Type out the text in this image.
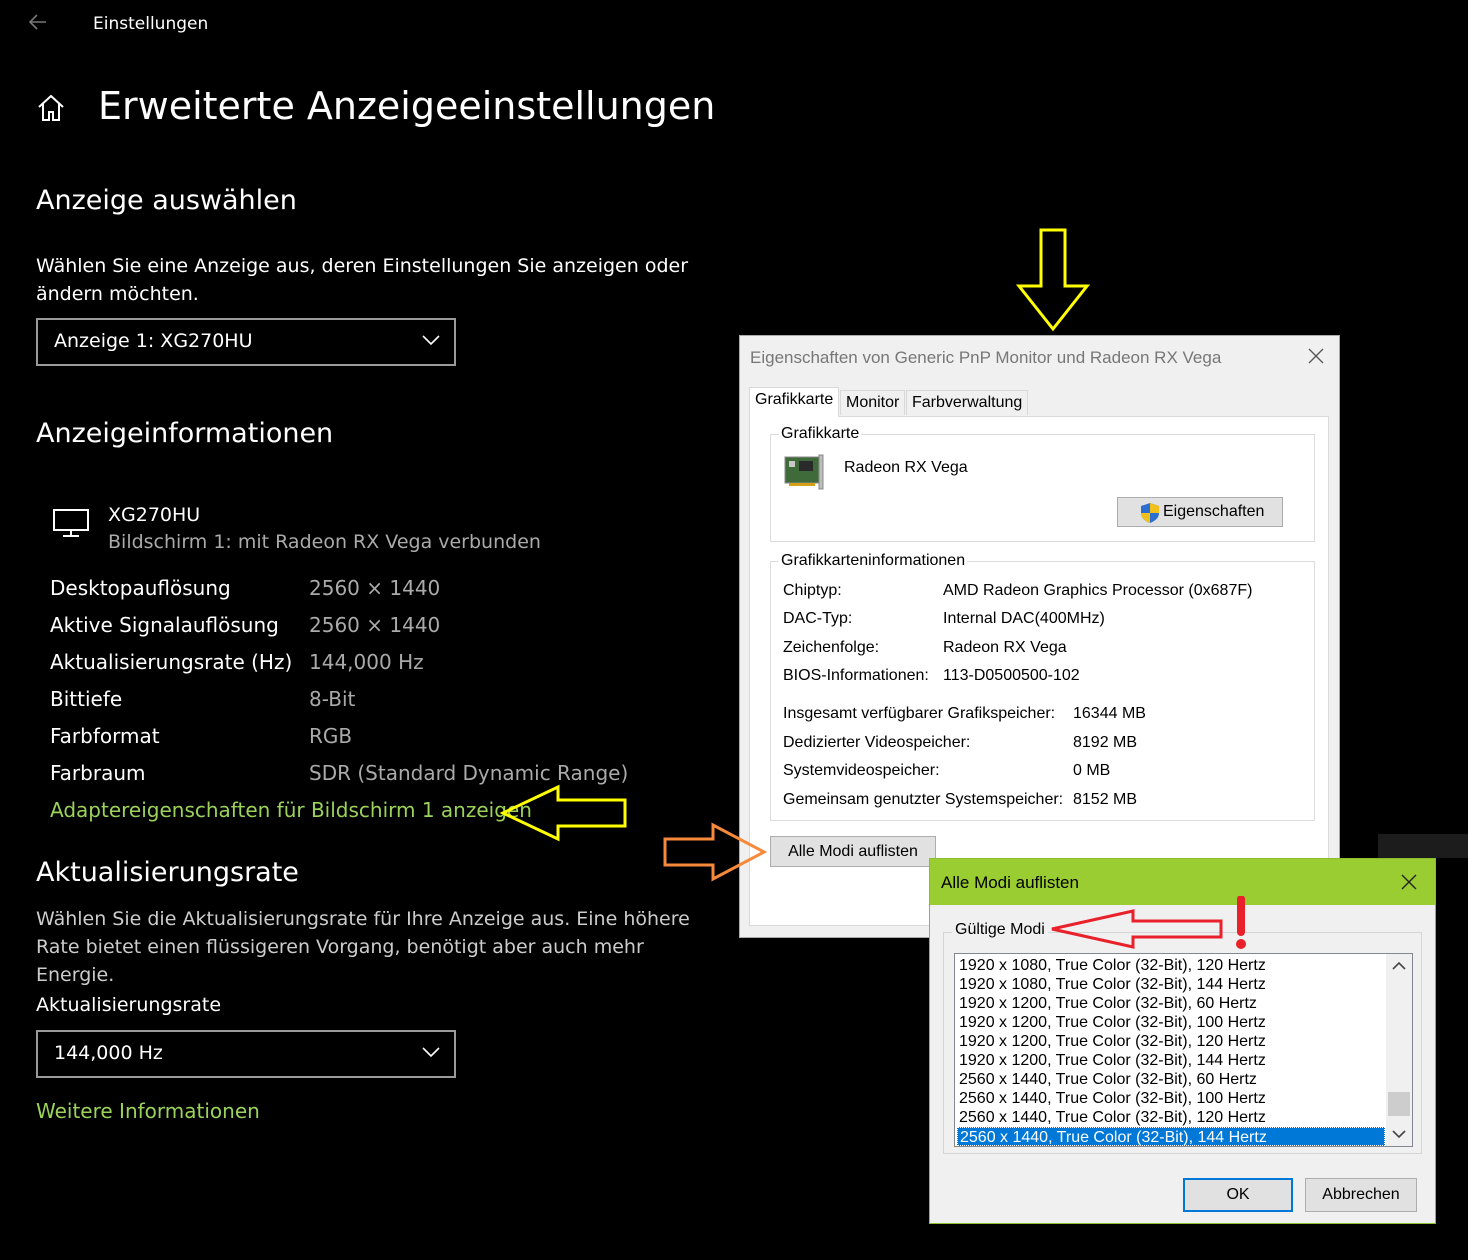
Einstellungen
Erweiterte Anzeigeeinstellungen
Anzeige auswählen
Wählen Sie eine Anzeige aus, deren Einstellungen Sie anzeigen oder ändern möchten.
Anzeige 1: XG270HU
Anzeigeinformationen
XG270HU
Bildschirm 1: mit Radeon RX Vega verbunden
Desktopauflösung	2560 × 1440
Aktive Signalauflösung 2560 × 1440
Aktualisierungsrate (Hz) 144,000 Hz
Bittiefe	8-Bit
Farbformat	RGB
Farbraum	SDR (Standard Dynamic Range)
Adaptereigenschaften für Bildschirm 1 anzeigen
Aktualisierungsrate
Wählen Sie die Aktualisierungsrate für Ihre Anzeige aus. Eine höhere Rate bietet einen flüssigeren Vorgang, benötigt aber auch mehr Energie.
Aktualisierungsrate
144,000 Hz
Weitere Informationen
Eigenschaften von Generic PnP Monitor und Radeon RX Vega
Grafikkarte Monitor Farbverwaltung
Grafikkarte
Radeon RX Vega
Eigenschaften
Grafikkarteninformationen
Chiptyp:	AMD Radeon Graphics Processor (0x687F)
DAC-Typ:	Internal DAC(400MHz)
Zeichenfolge:	Radeon RX Vega
BIOS-Informationen: 113-D0500500-102
Insgesamt verfügbarer Grafikspeicher: 16344 MB
Dedizierter Videospeicher:	8192 MB
Systemvideospeicher:	0 MB
Gemeinsam genutzter Systemspeicher: 8152 MB
Alle Modi auflisten
Alle Modi auflisten
Gültige Modi
1920 x 1080, True Color (32-Bit), 120 Hertz
1920 x 1080, True Color (32-Bit), 144 Hertz
1920 x 1200, True Color (32-Bit), 60 Hertz
1920 x 1200, True Color (32-Bit), 100 Hertz
1920 x 1200, True Color (32-Bit), 120 Hertz
1920 x 1200, True Color (32-Bit), 144 Hertz
2560 x 1440, True Color (32-Bit), 60 Hertz
2560 x 1440, True Color (32-Bit), 100 Hertz
2560 x 1440, True Color (32-Bit), 120 Hertz
2560 x 1440, True Color (32-Bit), 144 Hertz
OK	Abbrechen
